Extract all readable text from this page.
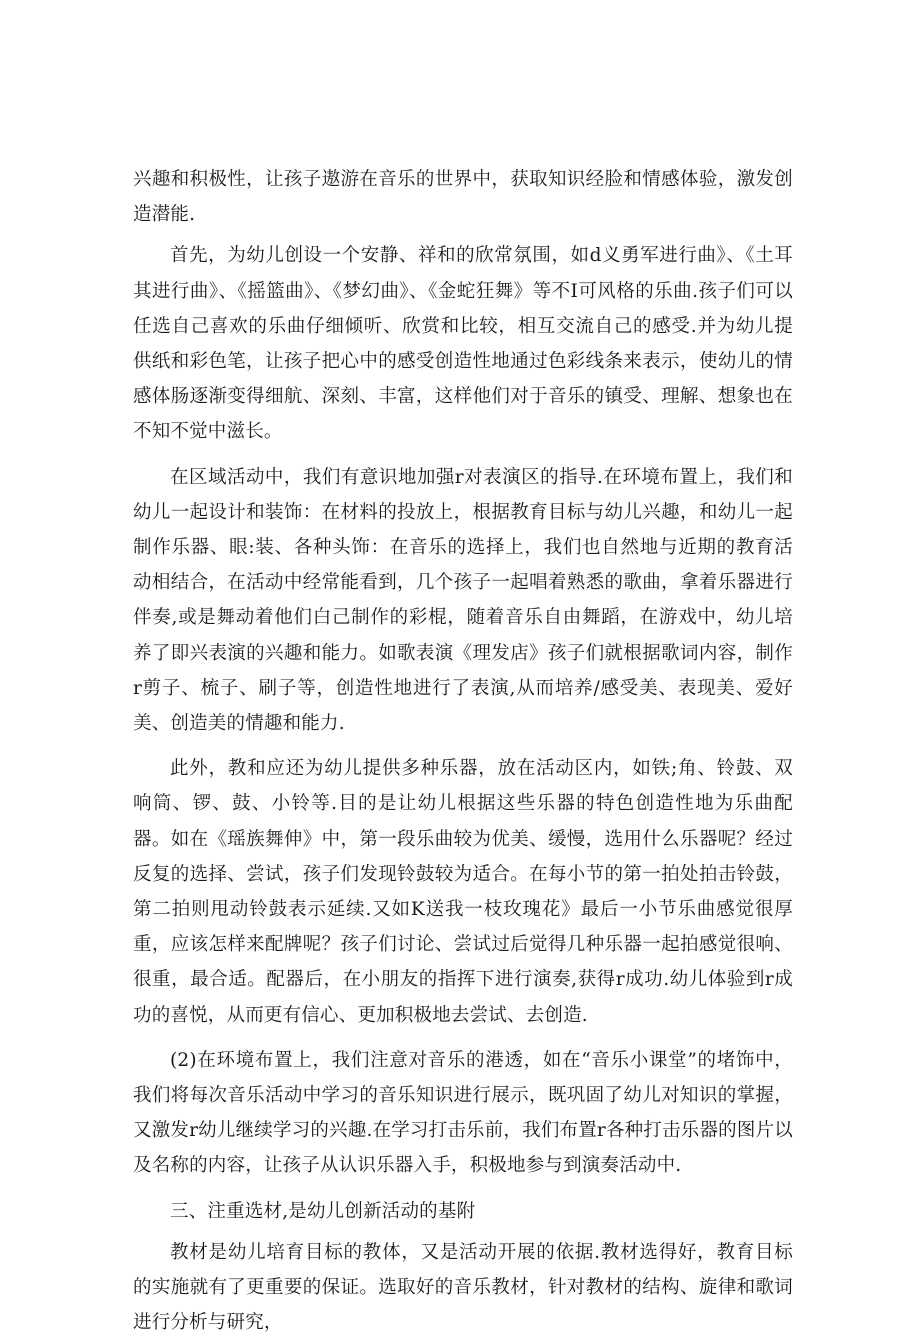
兴趣和积极性，让孩子遨游在音乐的世界中，获取知识经脸和情感体验，激发创造潜能.

首先，为幼儿创设一个安静、祥和的欣常氛围，如d义勇军进行曲》、《土耳其进行曲》、《摇篮曲》、《梦幻曲》、《金蛇狂舞》等不I可风格的乐曲.孩子们可以任选自己喜欢的乐曲仔细倾听、欣赏和比较，相互交流自己的感受.并为幼儿提供纸和彩色笔，让孩子把心中的感受创造性地通过色彩线条来表示，使幼儿的情感体肠逐渐变得细航、深刻、丰富，这样他们对于音乐的镇受、理解、想象也在不知不觉中滋长。

在区域活动中，我们有意识地加强r对表演区的指导.在环境布置上，我们和幼儿一起设计和装饰：在材料的投放上，根据教育目标与幼儿兴趣，和幼儿一起制作乐器、眼:装、各种头饰：在音乐的选择上，我们也自然地与近期的教育活动相结合，在活动中经常能看到，几个孩子一起唱着熟悉的歌曲，拿着乐器进行伴奏,或是舞动着他们白己制作的彩棍，随着音乐自由舞蹈，在游戏中，幼儿培养了即兴表演的兴趣和能力。如歌表演《理发店》孩子们就根据歌词内容，制作r剪子、梳子、刷子等，创造性地进行了表演,从而培养/感受美、表现美、爱好美、创造美的情趣和能力.

此外，教和应还为幼儿提供多种乐器，放在活动区内，如铁;角、铃鼓、双响筒、锣、鼓、小铃等.目的是让幼儿根据这些乐器的特色创造性地为乐曲配器。如在《瑶族舞伸》中，第一段乐曲较为优美、缓慢，选用什么乐器呢？经过反复的选择、尝试，孩子们发现铃鼓较为适合。在每小节的第一拍处拍击铃鼓，第二拍则甩动铃鼓表示延续.又如K送我一枝玫瑰花》最后一小节乐曲感觉很厚重，应该怎样来配牌呢？孩子们讨论、尝试过后觉得几种乐器一起拍感觉很响、很重，最合适。配器后，在小朋友的指挥下进行演奏,获得r成功.幼儿体验到r成功的喜悦，从而更有信心、更加积极地去尝试、去创造.

(2)在环境布置上，我们注意对音乐的港透，如在“音乐小课堂”的堵饰中，我们将每次音乐活动中学习的音乐知识进行展示，既巩固了幼儿对知识的掌握，又激发r幼儿继续学习的兴趣.在学习打击乐前，我们布置r各种打击乐器的图片以及名称的内容，让孩子从认识乐器入手，积极地参与到演奏活动中.

三、注重选材,是幼儿创新活动的基附

教材是幼儿培育目标的教体，又是活动开展的依据.教材选得好，教育目标的实施就有了更重要的保证。选取好的音乐教材，针对教材的结构、旋律和歌词进行分析与研究，
